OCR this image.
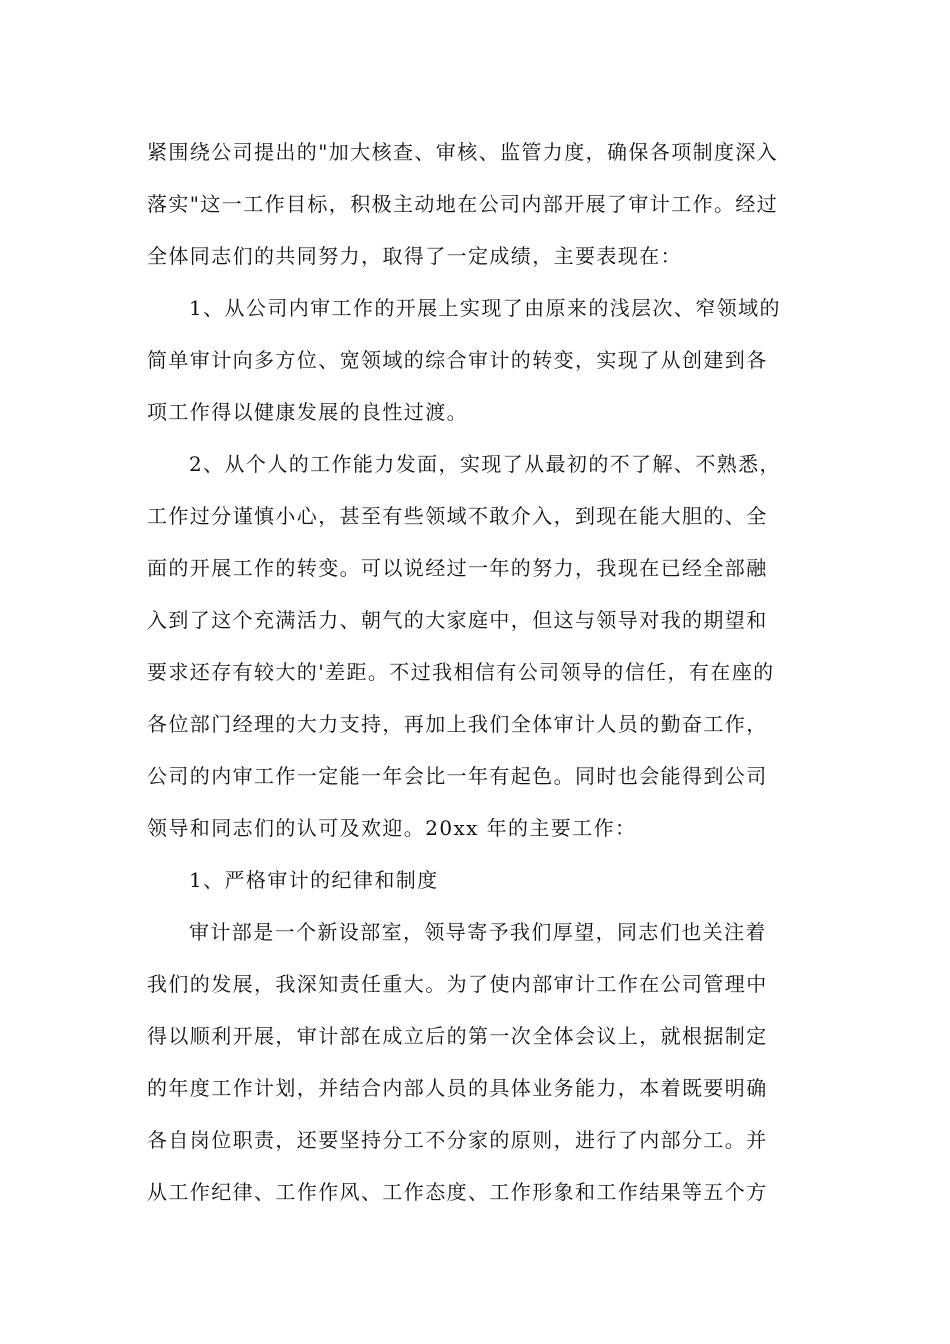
紧围绕公司提出的"加大核查、审核、监管力度，确保各项制度深入
落实"这一工作目标，积极主动地在公司内部开展了审计工作。经过
全体同志们的共同努力，取得了一定成绩，主要表现在：
1、从公司内审工作的开展上实现了由原来的浅层次、窄领域的
简单审计向多方位、宽领域的综合审计的转变，实现了从创建到各
项工作得以健康发展的良性过渡。
2、从个人的工作能力发面，实现了从最初的不了解、不熟悉，
工作过分谨慎小心，甚至有些领域不敢介入，到现在能大胆的、全
面的开展工作的转变。可以说经过一年的努力，我现在已经全部融
入到了这个充满活力、朝气的大家庭中，但这与领导对我的期望和
要求还存有较大的'差距。不过我相信有公司领导的信任，有在座的
各位部门经理的大力支持，再加上我们全体审计人员的勤奋工作，
公司的内审工作一定能一年会比一年有起色。同时也会能得到公司
领导和同志们的认可及欢迎。20xx 年的主要工作：
1、严格审计的纪律和制度
审计部是一个新设部室，领导寄予我们厚望，同志们也关注着
我们的发展，我深知责任重大。为了使内部审计工作在公司管理中
得以顺利开展，审计部在成立后的第一次全体会议上，就根据制定
的年度工作计划，并结合内部人员的具体业务能力，本着既要明确
各自岗位职责，还要坚持分工不分家的原则，进行了内部分工。并
从工作纪律、工作作风、工作态度、工作形象和工作结果等五个方
